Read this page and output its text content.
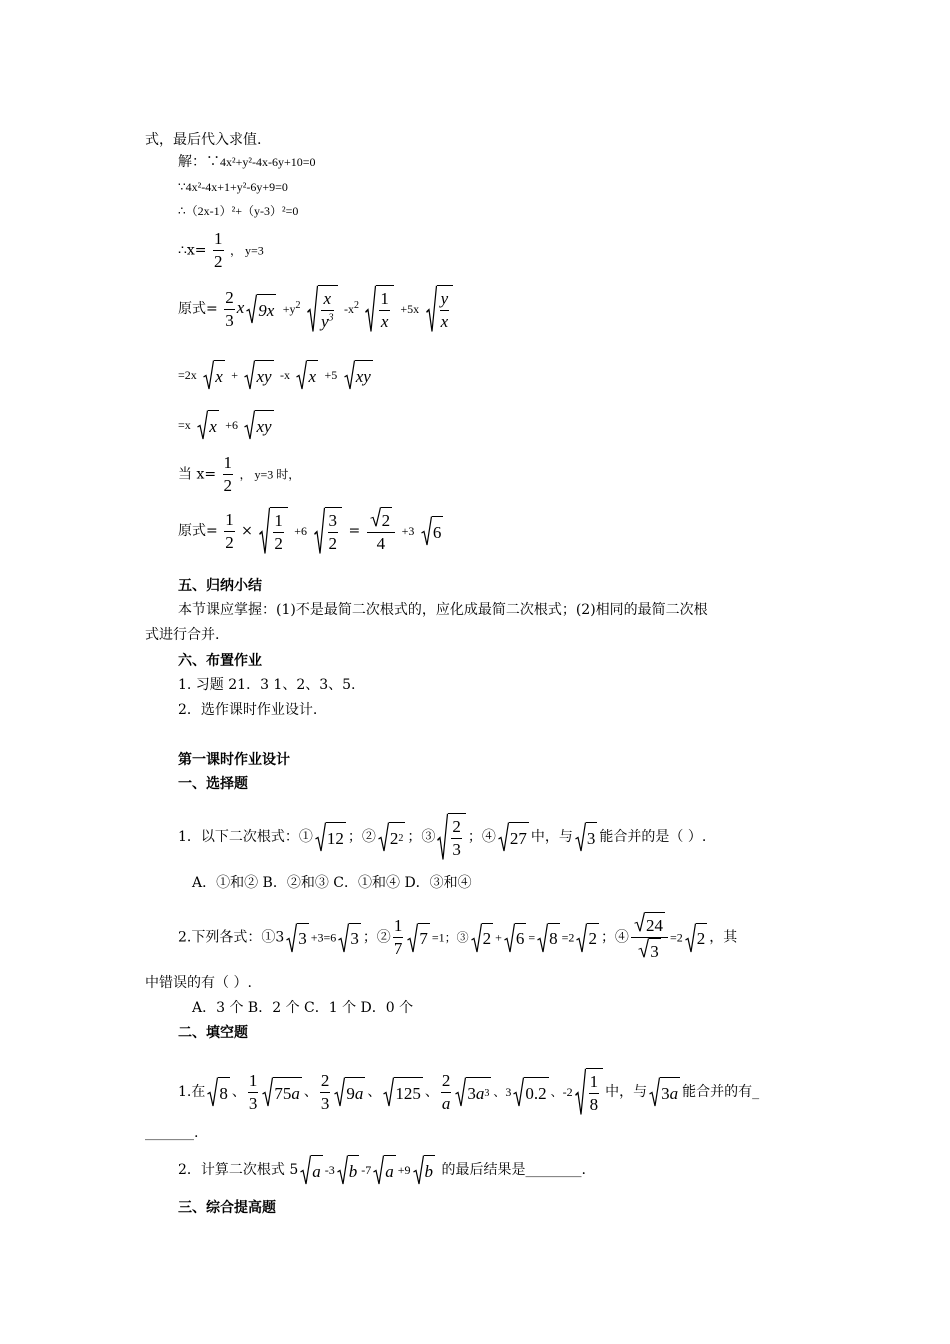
式，最后代入求值.
解：∵4x²+y²-4x-6y+10=0
∵4x²-4x+1+y²-6y+9=0
∴（2x-1）²+（y-3）²=0
∴x= $\frac{1}{2}$ ， y=3
原式= $\frac{2}{3}$ x 9 $x +y^2 \frac{x}{y^3} -x^2 \frac{1}{x} +5x \frac{y}{x}$
=2x x + xy -x x +5 xy
=x x +6 xy
当 $x= \frac{1}{2}$ ， y=3 时，
原式= $\frac{1}{2} \times \frac{1}{2} +6 \frac{3}{2} = \frac{2}{4} +3$ 6
五、归纳小结
本节课应掌握：(1)不是最简二次根式的，应化成最简二次根式；(2)相同的最简二次根
式进行合并.
六、布置作业
1. 习题 21．3 1、2、3、5.
2．选作课时作业设计.
第一课时作业设计
一、选择题
1．以下二次根式：① 12 ；② 2 2 ；③ $\frac{2}{3}$ ；④ 27 中，与 3 能合并的是（ ）.
A．①和② B．②和③ C．①和④ D．③和④
2.下列各式：①3 3 +3=6 3 ；② $\frac{1}{7} 7 =1$；③ 2 + 6 = 8 =2 2 ；④ $\frac{24}{3} =2$ 2 ，其
中错误的有（ ）.
A．3 个 B．2 个 C．1 个 D．0 个
二、填空题
1.在 8 、 $\frac{1}{3} 75$ a 、 $\frac{2}{3} 9$ a 、 125 、 $\frac{2}{a} 3$ a 3 、3 0.2 、$-2 \frac{1}{8}$ 中，与 3 a 能合并的有_
_______.
2．计算二次根式 5 a -3 b -7 a +9 b 的最后结果是________.
三、综合提高题
